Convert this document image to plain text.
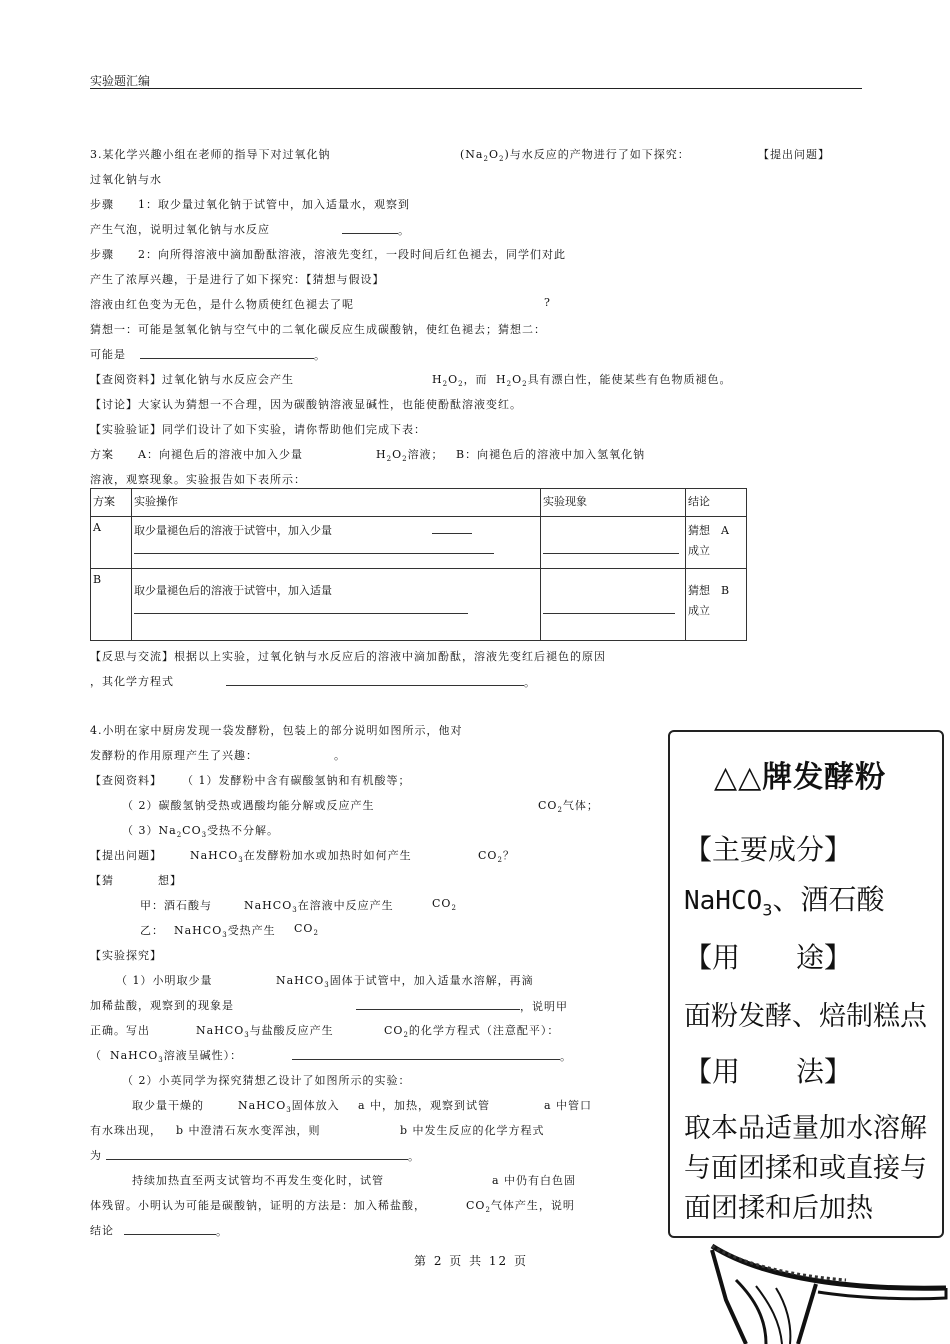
实验题汇编
3.某化学兴趣小组在老师的指导下对过氧化钠	$(Na_2O_2)$与水反应的产物进行了如下探究：	【提出问题】
过氧化钠与水
步骤　　 1：取少量过氧化钠于试管中，加入适量水，观察到
产生气泡，说明过氧化钠与水反应	。
步骤　　 2：向所得溶液中滴加酚酞溶液，溶液先变红，一段时间后红色褪去，同学们对此
产生了浓厚兴趣，于是进行了如下探究：【猜想与假设】
溶液由红色变为无色，是什么物质使红色褪去了呢	?
猜想一：可能是氢氧化钠与空气中的二氧化碳反应生成碳酸钠，使红色褪去；猜想二：
可能是	。
【查阅资料】过氧化钠与水反应会产生	$H_2O_2$，而 $H_2O_2$具有漂白性，能使某些有色物质褪色。
【讨论】大家认为猜想一不合理，因为碳酸钠溶液显碱性，也能使酚酞溶液变红。
【实验验证】同学们设计了如下实验，请你帮助他们完成下表：
方案　　 A：向褪色后的溶液中加入少量	$H_2O_2$溶液； B：向褪色后的溶液中加入氢氧化钠
溶液，观察现象。实验报告如下表所示：
方案	实验操作	实验现象	结论
A	取少量褪色后的溶液于试管中，加入少量		猜想　 A
成立

B	取少量褪色后的溶液于试管中，加入适量		猜想　 B
成立
【反思与交流】根据以上实验，过氧化钠与水反应后的溶液中滴加酚酞，溶液先变红后褪色的原因
，其化学方程式	。
4.小明在家中厨房发现一袋发酵粉，包装上的部分说明如图所示，他对
发酵粉的作用原理产生了兴趣：	。
【查阅资料】 （ 1）发酵粉中含有碳酸氢钠和有机酸等；
（ 2）碳酸氢钠受热或遇酸均能分解或反应产生	$CO_2$气体；
（ $3)Na_2CO_3$受热不分解。
【提出问题】	NaHCO$_3$在发酵粉加水或加热时如何产生	$CO_2$？
【猜	想】
甲：酒石酸与	NaHCO$_3$在溶液中反应产生	$CO_2$
乙： NaHCO$_3$受热产生 $CO_2$
【实验探究】
（ 1）小明取少量	NaHCO$_3$固体于试管中，加入适量水溶解，再滴
加稀盐酸，观察到的现象是	，说明甲
正确。写出	NaHCO$_3$与盐酸反应产生	$CO_2$的化学方程式（注意配平）：
（ NaHCO$_3$溶液呈碱性）：	。
（ 2）小英同学为探究猜想乙设计了如图所示的实验：
取少量干燥的	NaHCO$_3$固体放入 a 中，加热，观察到试管	a 中管口
有水珠出现， b 中澄清石灰水变浑浊，则	b 中发生反应的化学方程式
为	。
持续加热直至两支试管均不再发生变化时，试管	a 中仍有白色固
体残留。小明认为可能是碳酸钠，证明的方法是：加入稀盐酸，	$CO_2$气体产生，说明
结论	。
△△牌发酵粉
【主要成分】
NaHCO$_3$、酒石酸
【用　　途】
面粉发酵、焙制糕点
【用　　法】
取本品适量加水溶解
与面团揉和或直接与
面团揉和后加热
第 2 页 共 12 页
